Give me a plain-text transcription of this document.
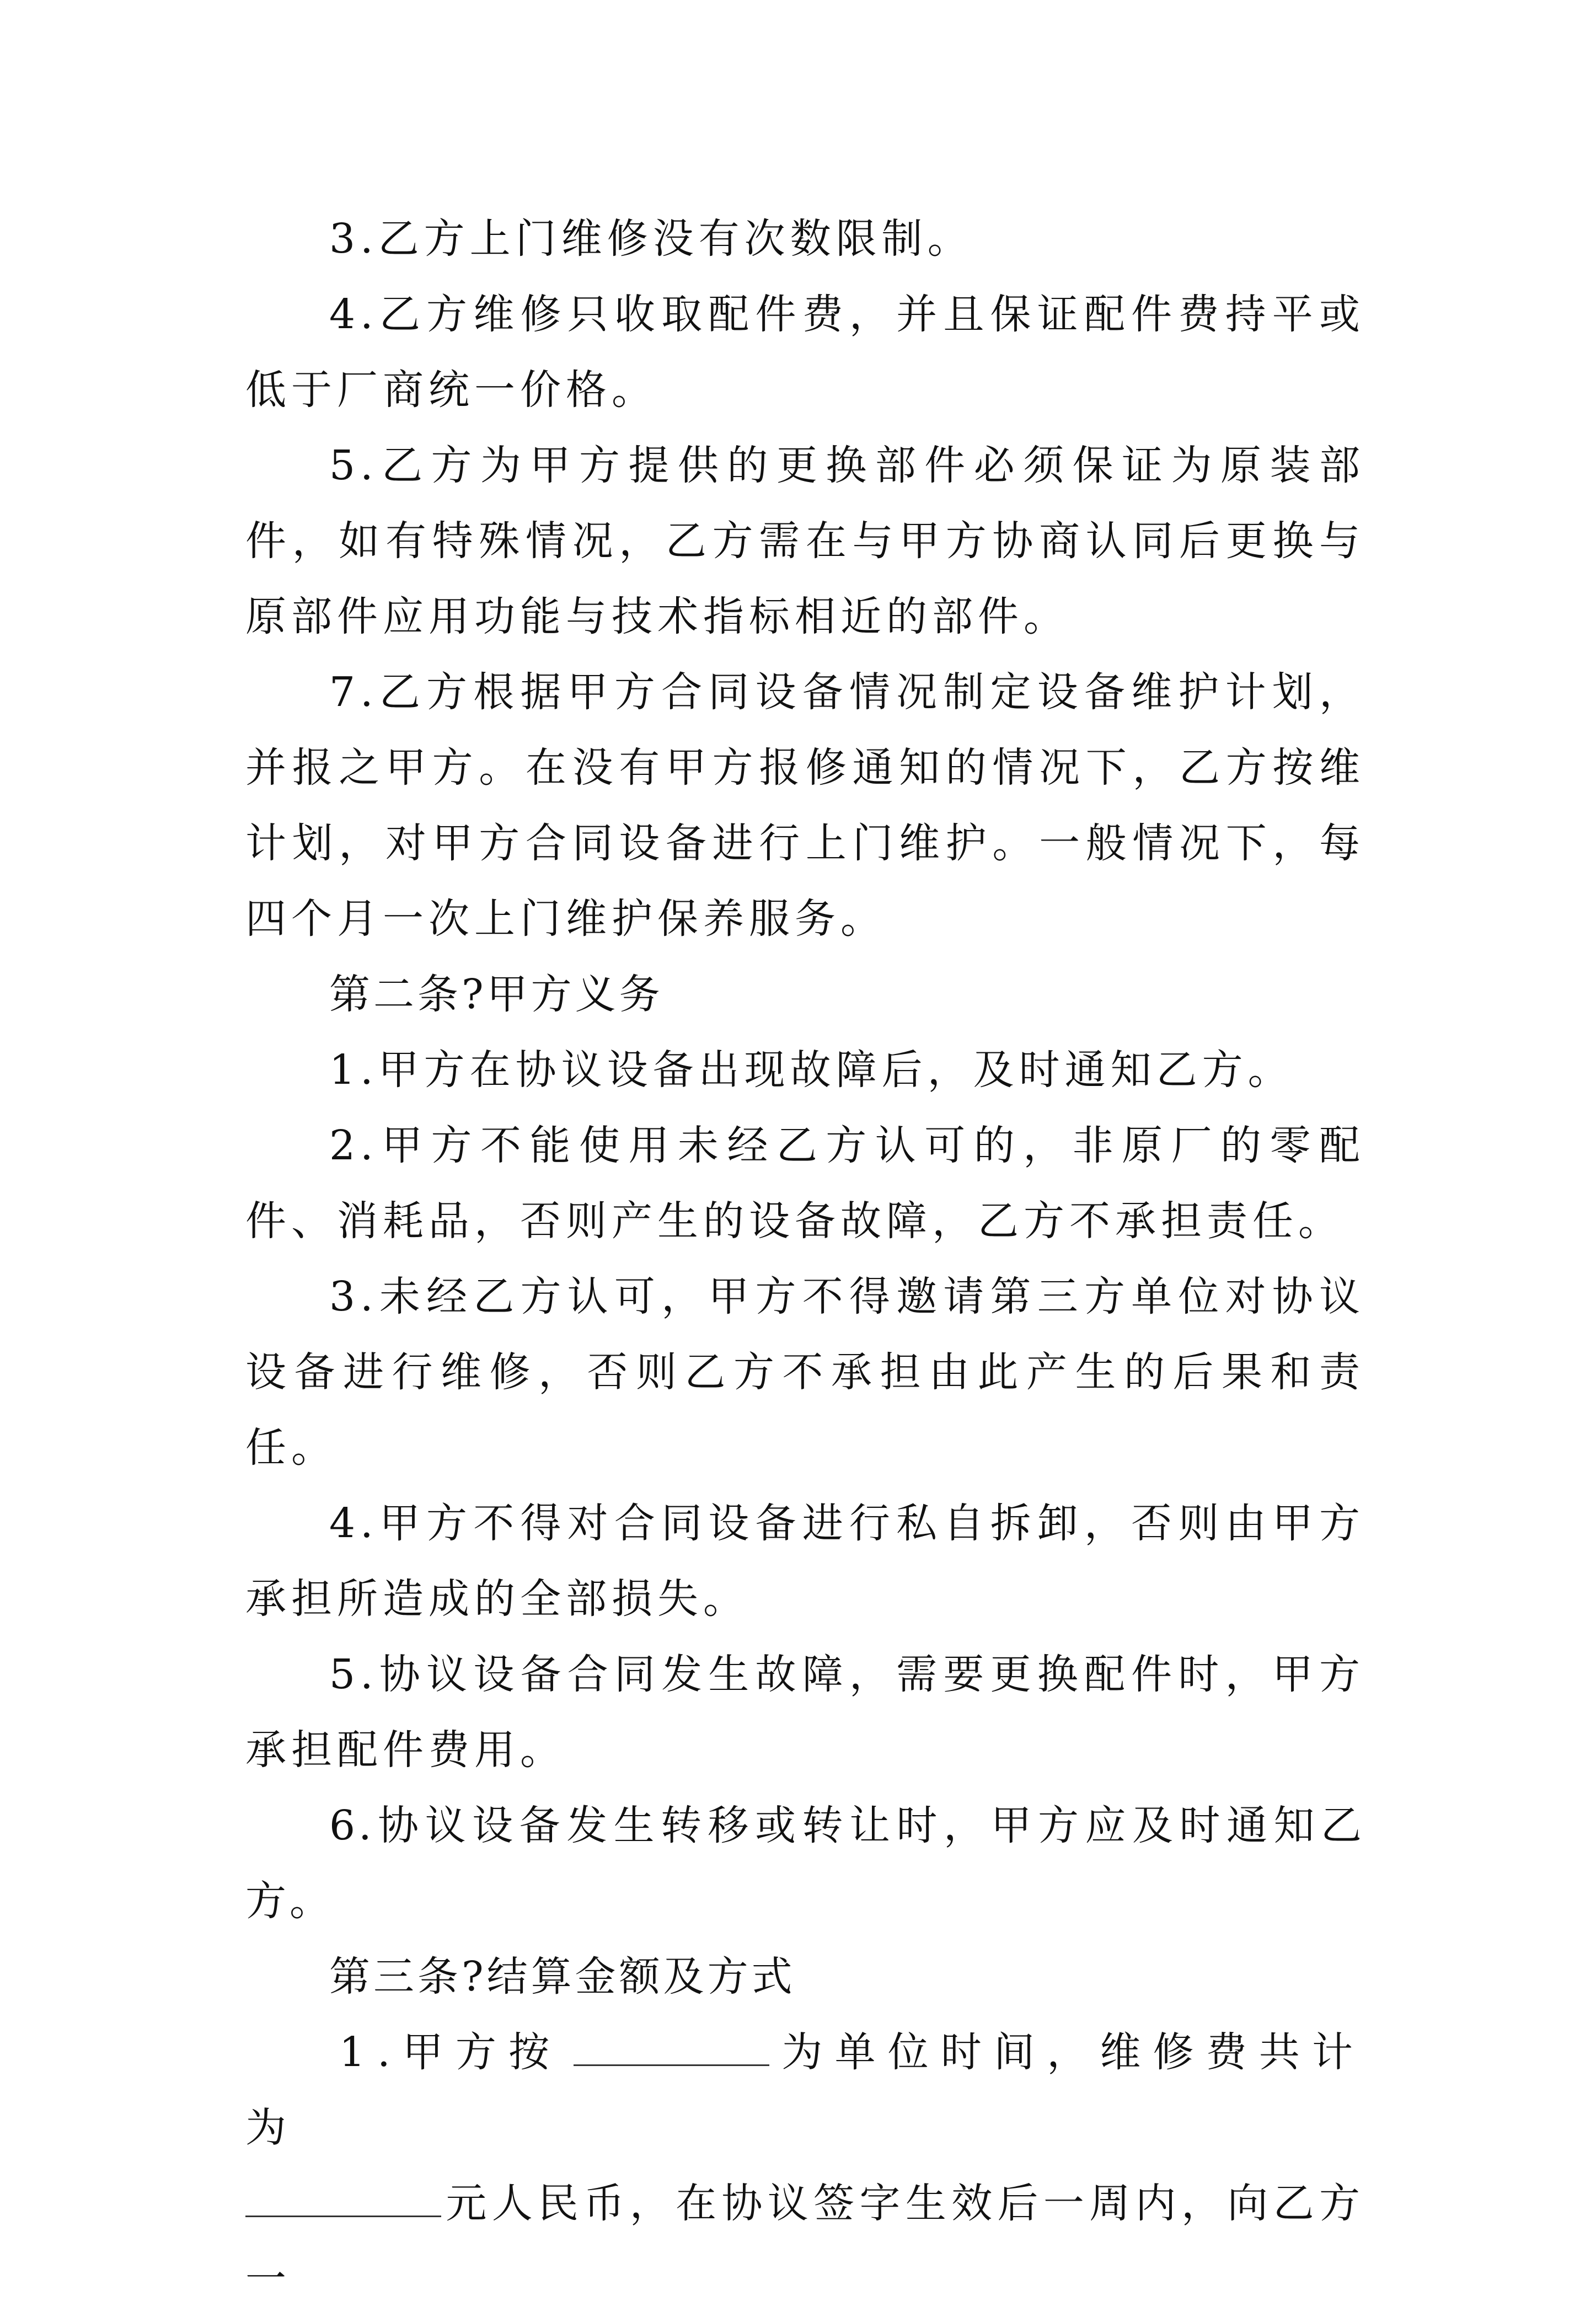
3.乙方上门维修没有次数限制。

4.乙方维修只收取配件费，并且保证配件费持平或低于厂商统一价格。

5.乙方为甲方提供的更换部件必须保证为原装部件，如有特殊情况，乙方需在与甲方协商认同后更换与原部件应用功能与技术指标相近的部件。

7.乙方根据甲方合同设备情况制定设备维护计划，并报之甲方。在没有甲方报修通知的情况下，乙方按维计划，对甲方合同设备进行上门维护。一般情况下，每四个月一次上门维护保养服务。

第二条?甲方义务

1.甲方在协议设备出现故障后，及时通知乙方。

2.甲方不能使用未经乙方认可的，非原厂的零配件、消耗品，否则产生的设备故障，乙方不承担责任。

3.未经乙方认可，甲方不得邀请第三方单位对协议设备进行维修，否则乙方不承担由此产生的后果和责任。

4.甲方不得对合同设备进行私自拆卸，否则由甲方承担所造成的全部损失。

5.协议设备合同发生故障，需要更换配件时，甲方承担配件费用。

6.协议设备发生转移或转让时，甲方应及时通知乙方。

第三条?结算金额及方式

1.甲方按	为单位时间，维修费共计为
元人民币，在协议签字生效后一周内，向乙方一
